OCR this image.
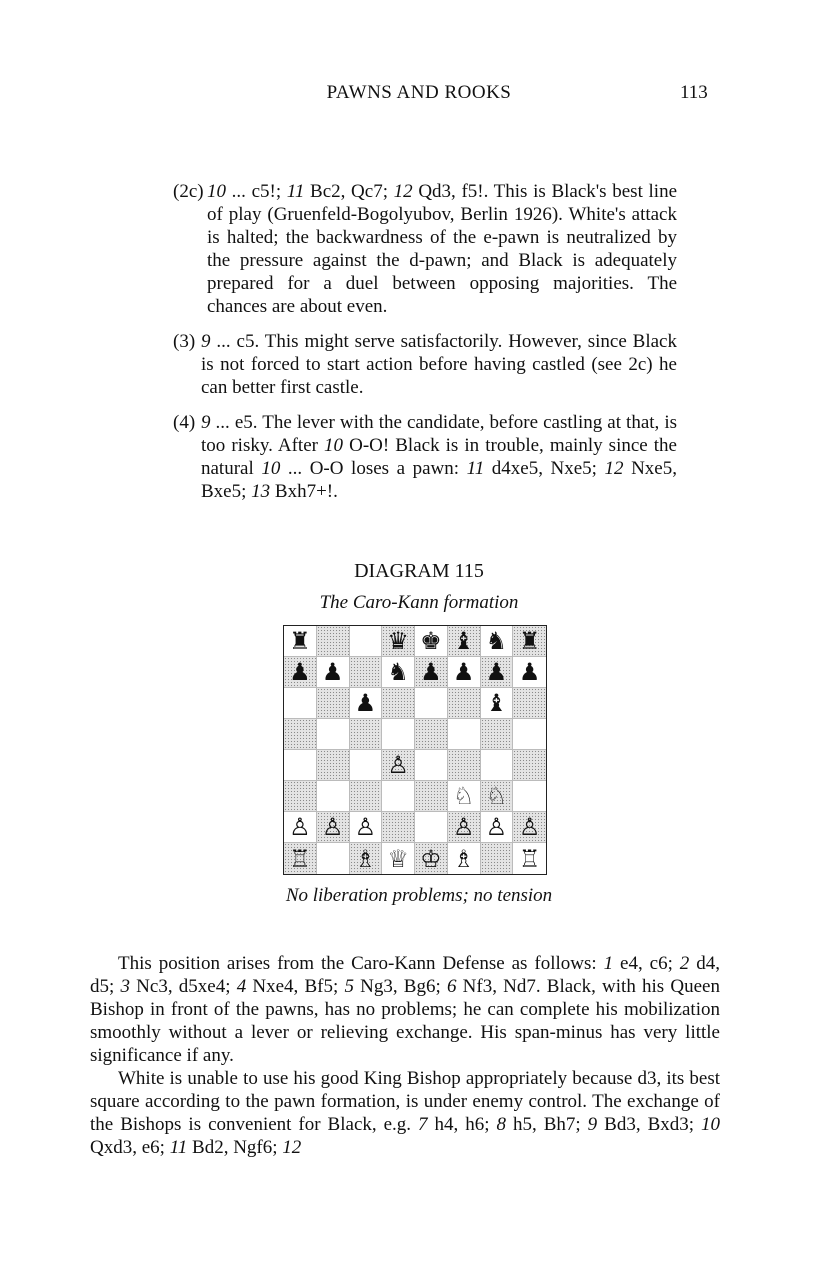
PAWNS AND ROOKS	113
(2c) 10 ... c5!; 11 Bc2, Qc7; 12 Qd3, f5!. This is Black's best line of play (Gruenfeld-Bogolyubov, Berlin 1926). White's attack is halted; the backwardness of the e-pawn is neutralized by the pressure against the d-pawn; and Black is adequately prepared for a duel between opposing majorities. The chances are about even.
(3) 9 ... c5. This might serve satisfactorily. However, since Black is not forced to start action before having castled (see 2c) he can better first castle.
(4) 9 ... e5. The lever with the candidate, before castling at that, is too risky. After 10 O-O! Black is in trouble, mainly since the natural 10 ... O-O loses a pawn: 11 d4xe5, Nxe5; 12 Nxe5, Bxe5; 13 Bxh7+!.
DIAGRAM 115
The Caro-Kann formation
♜	♛ ♚ ♝ ♞ ♜
♟ ♟ ♞ ♟ ♟ ♟ ♟
♟	♝
♙
♘ ♘
♙ ♙ ♙	♙ ♙ ♙
♖ ♗ ♕ ♔ ♗ ♖
No liberation problems; no tension

This position arises from the Caro-Kann Defense as follows: 1 e4, c6; 2 d4, d5; 3 Nc3, d5xe4; 4 Nxe4, Bf5; 5 Ng3, Bg6; 6 Nf3, Nd7. Black, with his Queen Bishop in front of the pawns, has no problems; he can complete his mobilization smoothly without a lever or relieving exchange. His span-minus has very little significance if any.

White is unable to use his good King Bishop appropriately because d3, its best square according to the pawn formation, is under enemy control. The exchange of the Bishops is convenient for Black, e.g. 7 h4, h6; 8 h5, Bh7; 9 Bd3, Bxd3; 10 Qxd3, e6; 11 Bd2, Ngf6; 12
